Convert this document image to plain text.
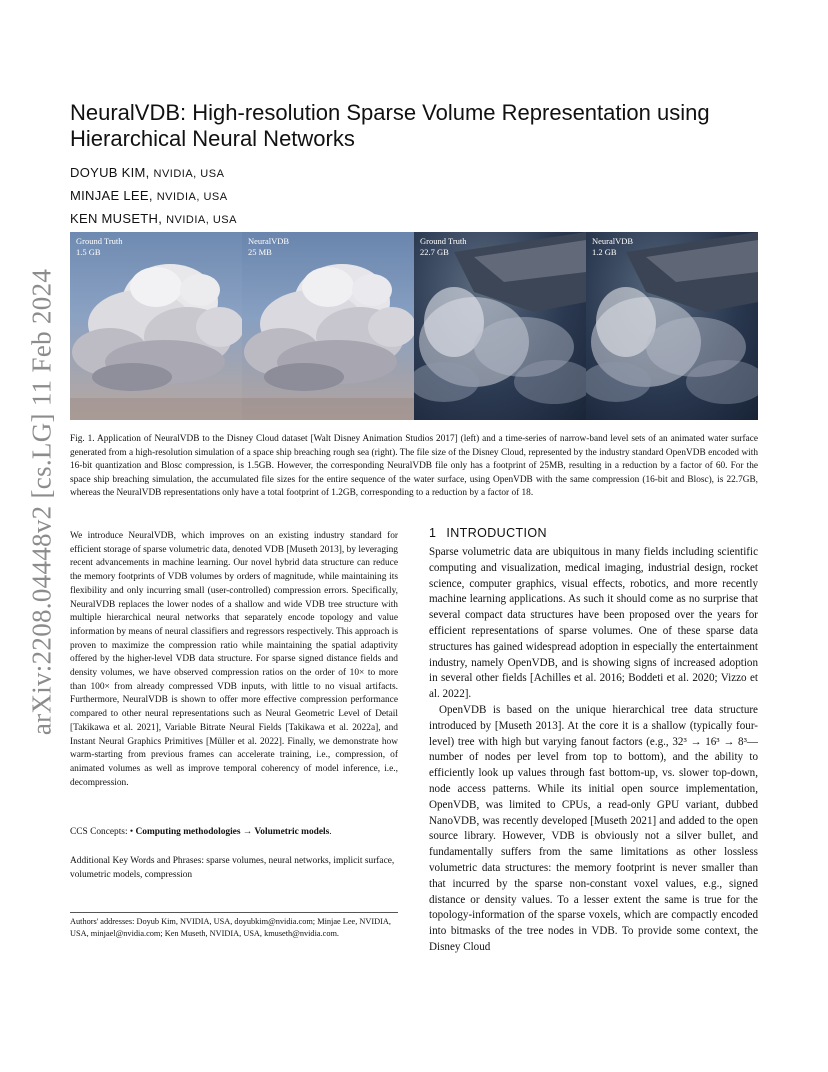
arXiv:2208.04448v2 [cs.LG] 11 Feb 2024
NeuralVDB: High-resolution Sparse Volume Representation using Hierarchical Neural Networks
DOYUB KIM, NVIDIA, USA
MINJAE LEE, NVIDIA, USA
KEN MUSETH, NVIDIA, USA
Ground Truth
1.5 GB
NeuralVDB
25 MB
Ground Truth
22.7 GB
NeuralVDB
1.2 GB

Fig. 1. Application of NeuralVDB to the Disney Cloud dataset [Walt Disney Animation Studios 2017] (left) and a time-series of narrow-band level sets of an animated water surface generated from a high-resolution simulation of a space ship breaching rough sea (right). The file size of the Disney Cloud, represented by the industry standard OpenVDB encoded with 16-bit quantization and Blosc compression, is 1.5GB. However, the corresponding NeuralVDB file only has a footprint of 25MB, resulting in a reduction by a factor of 60. For the space ship breaching simulation, the accumulated file sizes for the entire sequence of the water surface, using OpenVDB with the same compression (16-bit and Blosc), is 22.7GB, whereas the NeuralVDB representations only have a total footprint of 1.2GB, corresponding to a reduction by a factor of 18.

We introduce NeuralVDB, which improves on an existing industry standard for efficient storage of sparse volumetric data, denoted VDB [Museth 2013], by leveraging recent advancements in machine learning. Our novel hybrid data structure can reduce the memory footprints of VDB volumes by orders of magnitude, while maintaining its flexibility and only incurring small (user-controlled) compression errors. Specifically, NeuralVDB replaces the lower nodes of a shallow and wide VDB tree structure with multiple hierarchical neural networks that separately encode topology and value information by means of neural classifiers and regressors respectively. This approach is proven to maximize the compression ratio while maintaining the spatial adaptivity offered by the higher-level VDB data structure. For sparse signed distance fields and density volumes, we have observed compression ratios on the order of 10× to more than 100× from already compressed VDB inputs, with little to no visual artifacts. Furthermore, NeuralVDB is shown to offer more effective compression performance compared to other neural representations such as Neural Geometric Level of Detail [Takikawa et al. 2021], Variable Bitrate Neural Fields [Takikawa et al. 2022a], and Instant Neural Graphics Primitives [Müller et al. 2022]. Finally, we demonstrate how warm-starting from previous frames can accelerate training, i.e., compression, of animated volumes as well as improve temporal coherency of model inference, i.e., decompression.

CCS Concepts: • Computing methodologies → Volumetric models.

Additional Key Words and Phrases: sparse volumes, neural networks, implicit surface, volumetric models, compression

Authors' addresses: Doyub Kim, NVIDIA, USA, doyubkim@nvidia.com; Minjae Lee, NVIDIA, USA, minjael@nvidia.com; Ken Museth, NVIDIA, USA, kmuseth@nvidia.com.

1 INTRODUCTION

Sparse volumetric data are ubiquitous in many fields including scientific computing and visualization, medical imaging, industrial design, rocket science, computer graphics, visual effects, robotics, and more recently machine learning applications. As such it should come as no surprise that several compact data structures have been proposed over the years for efficient representations of sparse volumes. One of these sparse data structures has gained widespread adoption in especially the entertainment industry, namely OpenVDB, and is showing signs of increased adoption in several other fields [Achilles et al. 2016; Boddeti et al. 2020; Vizzo et al. 2022].

OpenVDB is based on the unique hierarchical tree data structure introduced by [Museth 2013]. At the core it is a shallow (typically four-level) tree with high but varying fanout factors (e.g., 32³ → 16³ → 8³—number of nodes per level from top to bottom), and the ability to efficiently look up values through fast bottom-up, vs. slower top-down, node access patterns. While its initial open source implementation, OpenVDB, was limited to CPUs, a read-only GPU variant, dubbed NanoVDB, was recently developed [Museth 2021] and added to the open source library. However, VDB is obviously not a silver bullet, and fundamentally suffers from the same limitations as other lossless volumetric data structures: the memory footprint is never smaller than that incurred by the sparse non-constant voxel values, e.g., signed distance or density values. To a lesser extent the same is true for the topology-information of the sparse voxels, which are compactly encoded into bitmasks of the tree nodes in VDB. To provide some context, the Disney Cloud
